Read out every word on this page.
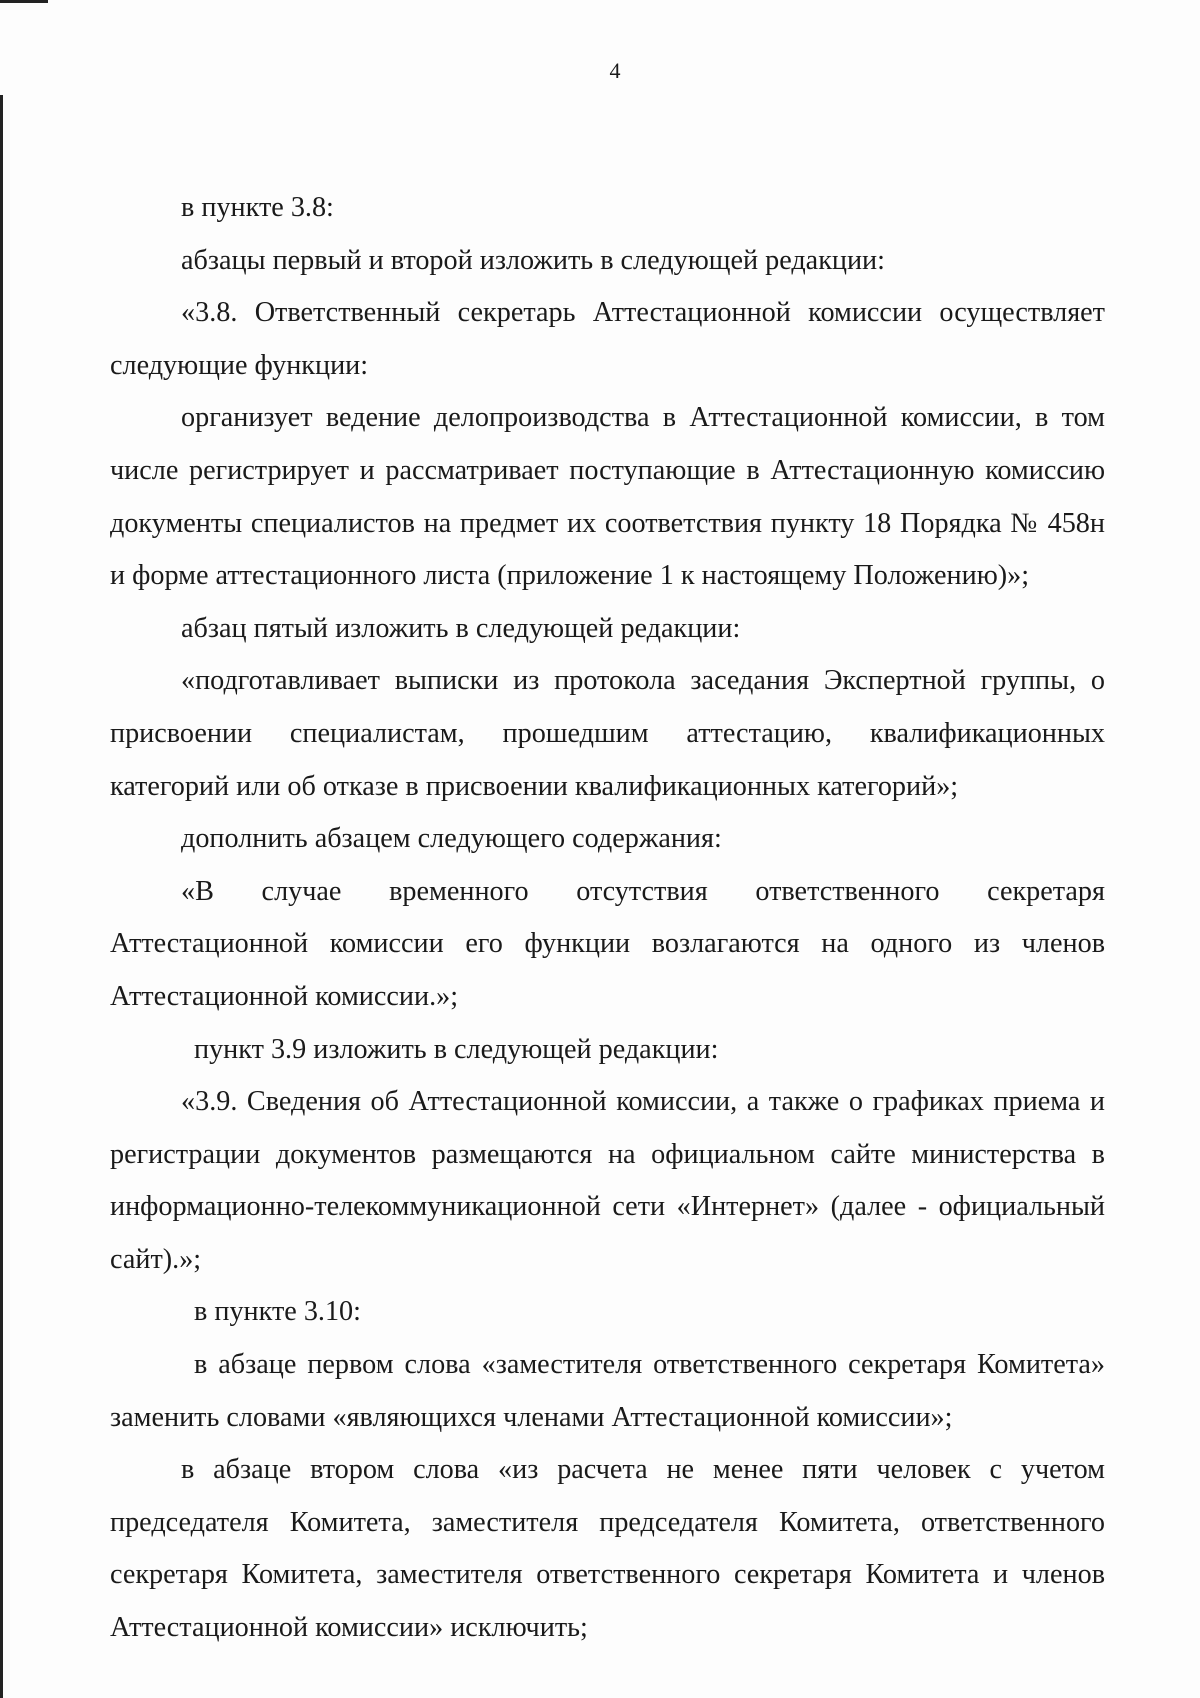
4

в пункте 3.8:

абзацы первый и второй изложить в следующей редакции:

«3.8. Ответственный секретарь Аттестационной комиссии осуществляет следующие функции:

организует ведение делопроизводства в Аттестационной комиссии, в том числе регистрирует и рассматривает поступающие в Аттестационную комиссию документы специалистов на предмет их соответствия пункту 18 Порядка № 458н и форме аттестационного листа (приложение 1 к настоящему Положению)»;

абзац пятый изложить в следующей редакции:

«подготавливает выписки из протокола заседания Экспертной группы, о присвоении специалистам, прошедшим аттестацию, квалификационных категорий или об отказе в присвоении квалификационных категорий»;

дополнить абзацем следующего содержания:

«В случае временного отсутствия ответственного секретаря Аттестационной комиссии его функции возлагаются на одного из членов Аттестационной комиссии.»;

пункт 3.9 изложить в следующей редакции:

«3.9. Сведения об Аттестационной комиссии, а также о графиках приема и регистрации документов размещаются на официальном сайте министерства в информационно-телекоммуникационной сети «Интернет» (далее - официальный сайт).»;

в пункте 3.10:

в абзаце первом слова «заместителя ответственного секретаря Комитета» заменить словами «являющихся членами Аттестационной комиссии»;

в абзаце втором слова «из расчета не менее пяти человек с учетом председателя Комитета, заместителя председателя Комитета, ответственного секретаря Комитета, заместителя ответственного секретаря Комитета и членов Аттестационной комиссии» исключить;
